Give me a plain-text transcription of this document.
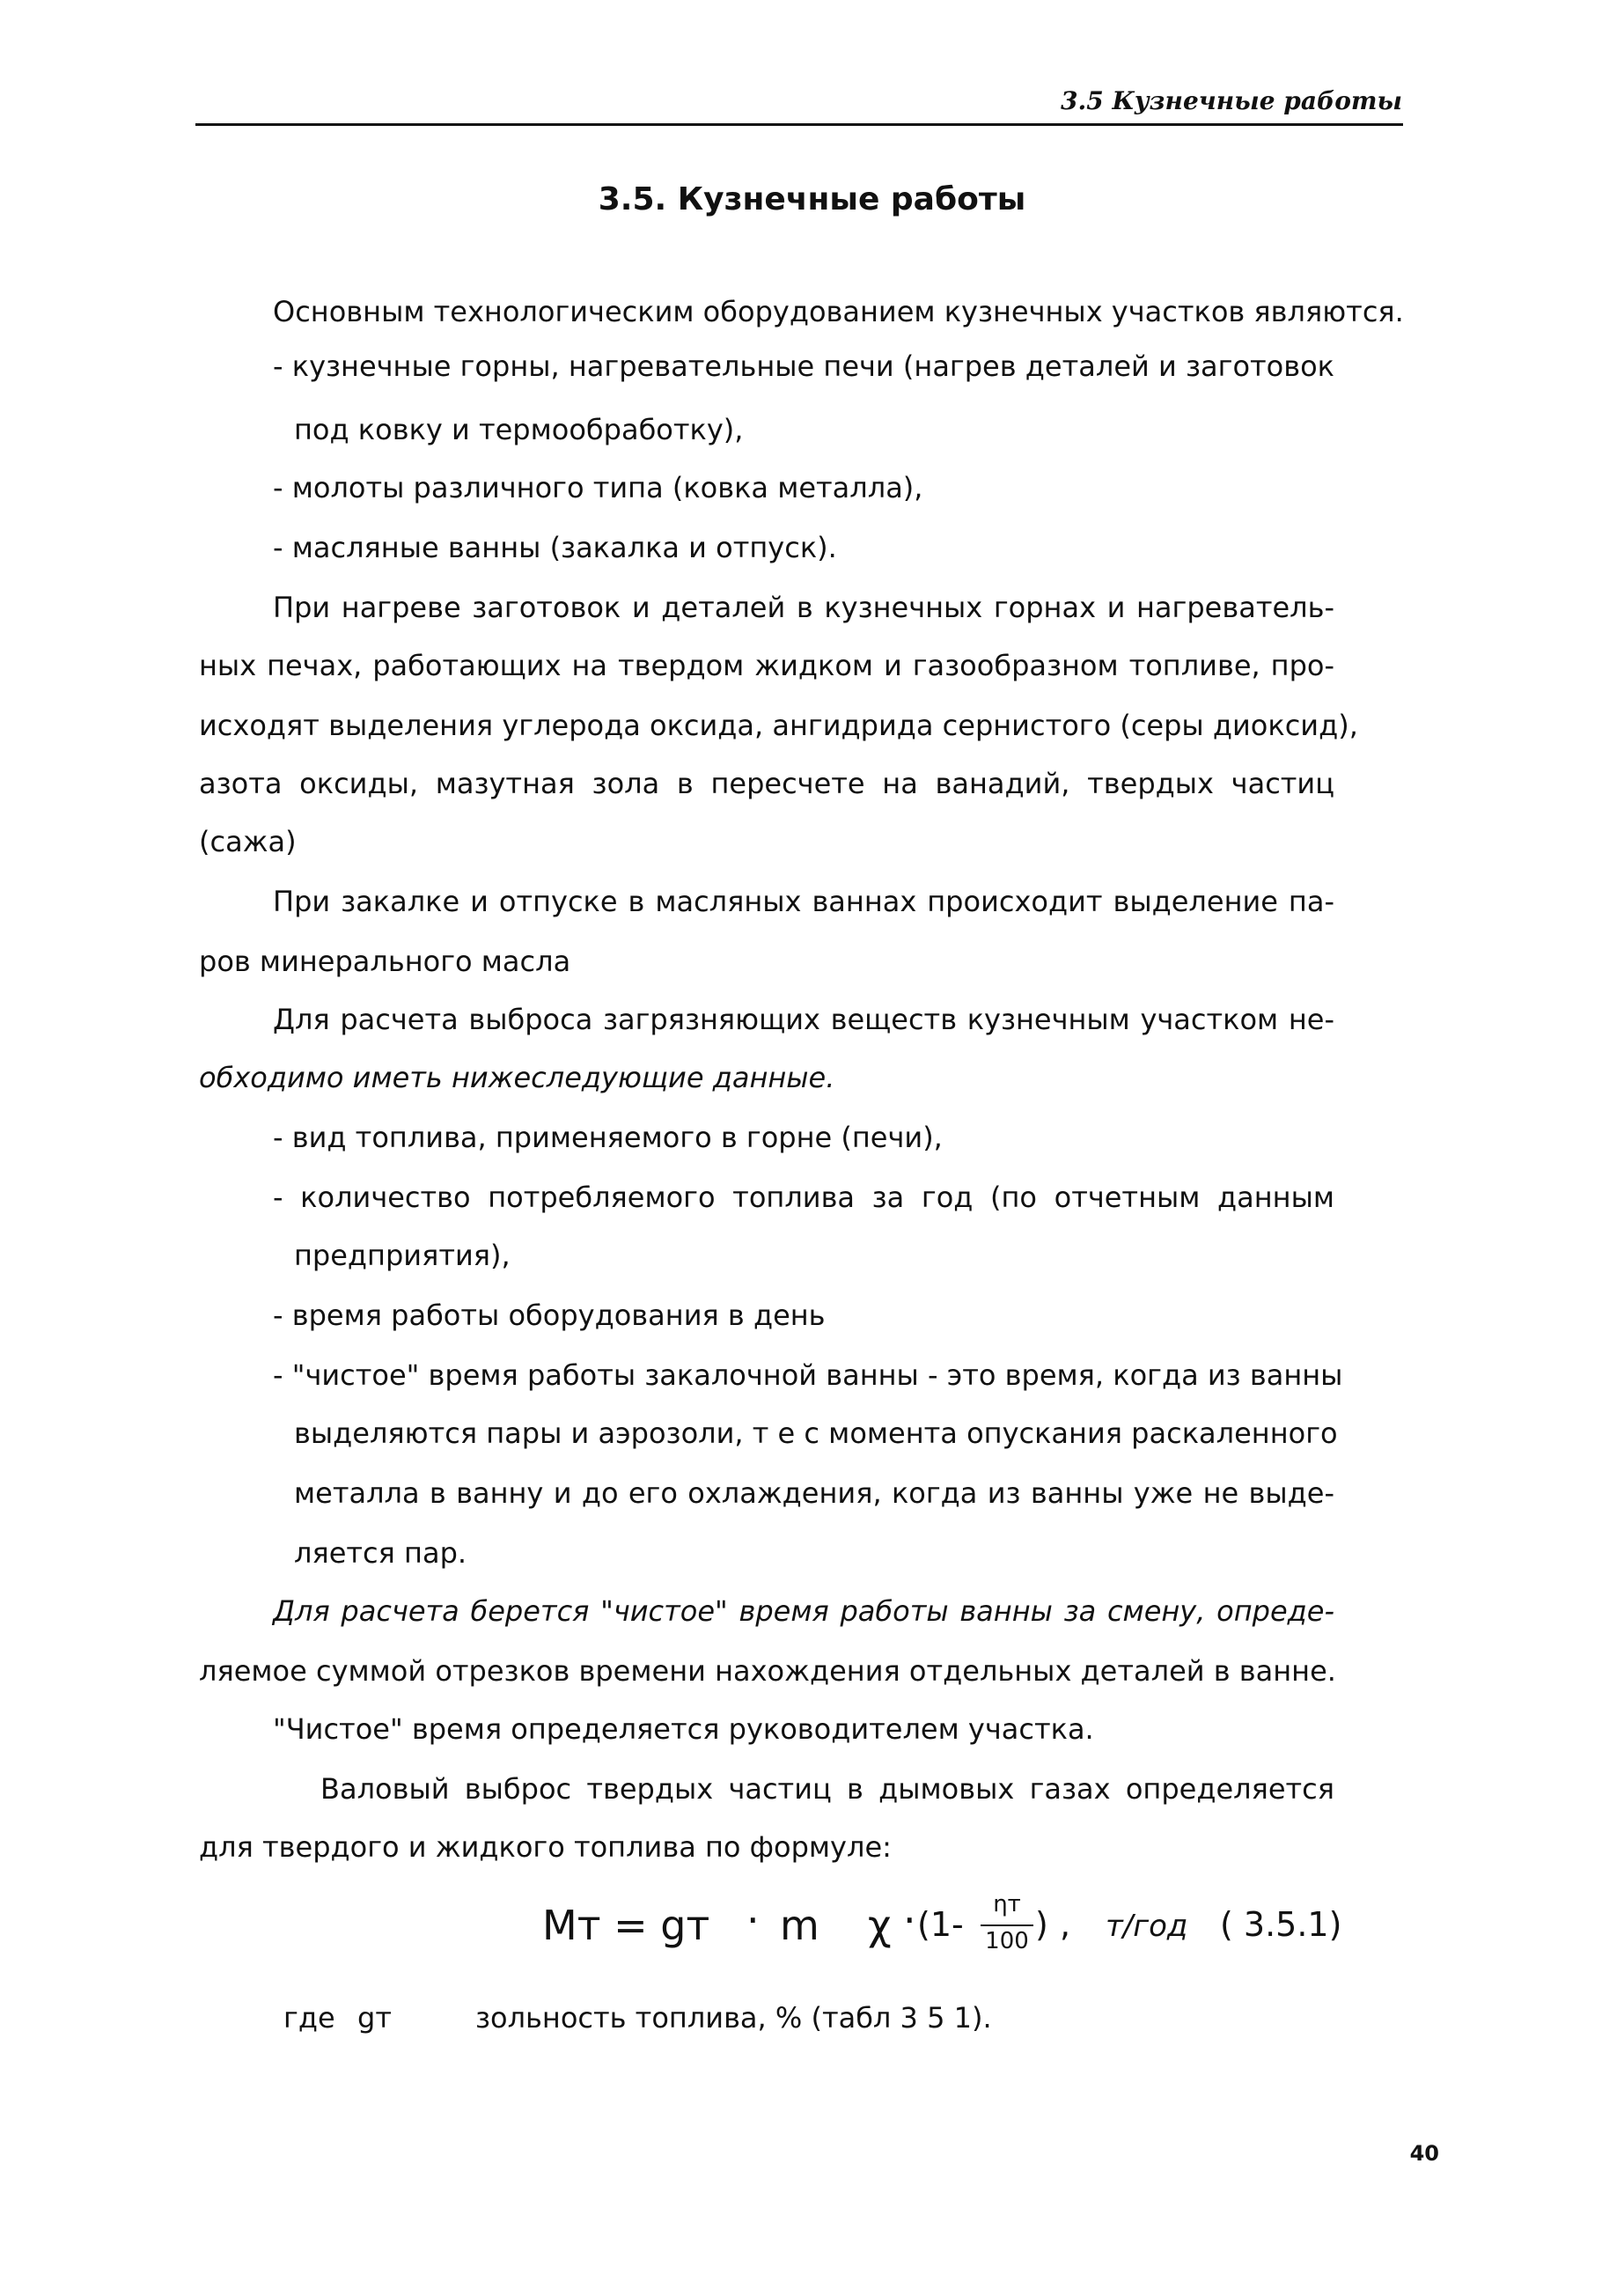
3.5 Кузнечные работы
3.5. Кузнечные работы
Основным технологическим оборудованием кузнечных участков являются.
- кузнечные горны, нагревательные печи (нагрев деталей и заготовок
под ковку и термообработку),
- молоты различного типа (ковка металла),
- масляные ванны (закалка и отпуск).
При нагреве заготовок и деталей в кузнечных горнах и нагреватель-
ных печах, работающих на твердом жидком и газообразном топливе, про-
исходят выделения углерода оксида, ангидрида сернистого (серы диоксид),
азота оксиды, мазутная зола в пересчете на ванадий, твердых частиц
(сажа)
При закалке и отпуске в масляных ваннах происходит выделение па-
ров минерального масла
Для расчета выброса загрязняющих веществ кузнечным участком не-
обходимо иметь нижеследующие данные.
- вид топлива, применяемого в горне (печи),
- количество потребляемого топлива за год (по отчетным данным
предприятия),
- время работы оборудования в день
- "чистое" время работы закалочной ванны - это время, когда из ванны
выделяются пары и аэрозоли, т е с момента опускания раскаленного
металла в ванну и до его охлаждения, когда из ванны уже не выде-
ляется пар.
Для расчета берется "чистое" время работы ванны за смену, опреде-
ляемое суммой отрезков времени нахождения отдельных деталей в ванне.
"Чистое" время определяется руководителем участка.
Валовый выброс твердых частиц в дымовых газах определяется
для твердого и жидкого топлива по формуле:
Mт = gт · m χ · (1-
ηт
100 ) , т/год ( 3.5.1)
где gт	зольность топлива, % (табл 3 5 1).
40
